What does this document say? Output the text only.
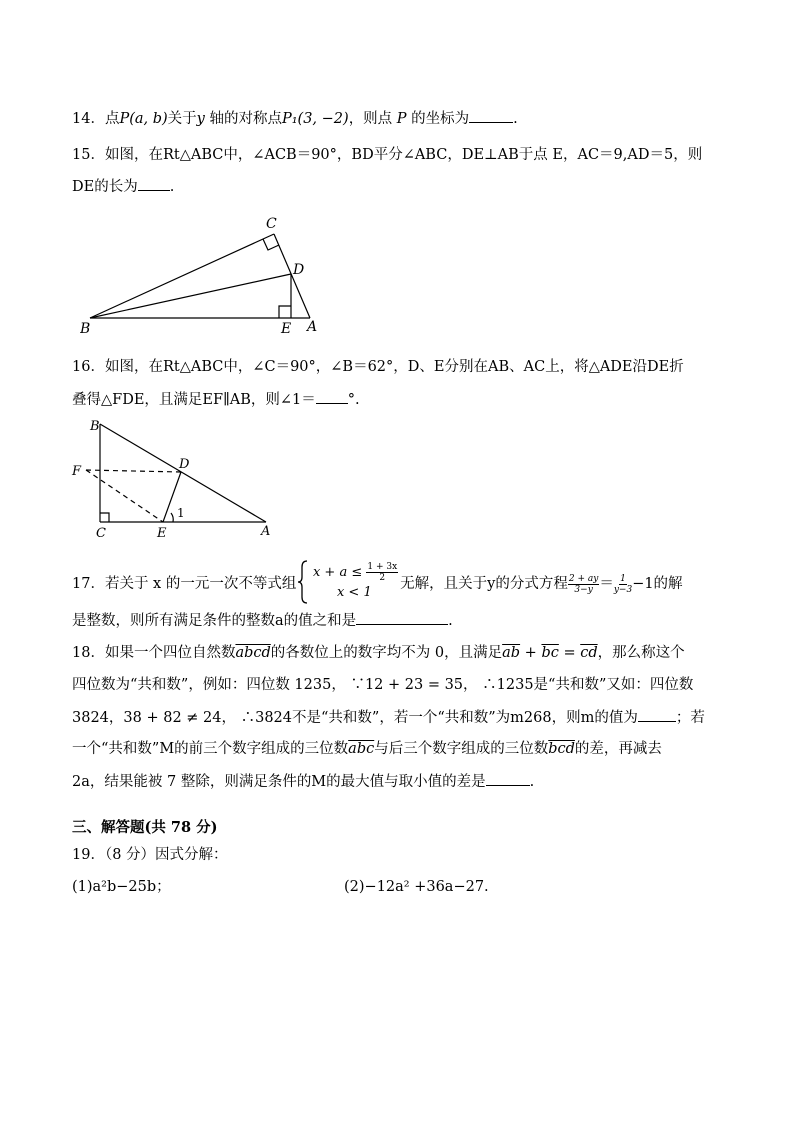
14．点P(a, b)关于y 轴的对称点P₁(3, −2)，则点 P 的坐标为	.
15．如图，在Rt△ABC中，∠ACB＝90°，BD平分∠ABC，DE⊥AB于点 E，AC＝9,AD＝5，则
DE的长为 .
C
D
B	E A
16．如图，在Rt△ABC中，∠C＝90°，∠B＝62°，D、E分别在AB、AC上，将△ADE沿DE折
叠得△FDE，且满足EF∥AB，则∠1＝ °.
B
F	D
C	E	A
1
17．若关于 x 的一元一次不等式组
$x + a \le \frac{1 + 3x}{2}$
x < 1
无解，且关于y的分式方程 $\frac{2 + ay}{3-y} = \frac{1}{y-3} -1$的解
是整数，则所有满足条件的整数a的值之和是	.
18．如果一个四位自然数abcd的各数位上的数字均不为 0，且满足$\overline{ab} + \overline{bc} = \overline{cd}$，那么称这个
四位数为“共和数”，例如：四位数 1235， ∵12 + 23 = 35， ∴1235是“共和数”又如：四位数
3824，38 + 82 ≠ 24， ∴3824不是“共和数”，若一个“共和数”为m268，则m的值为	；若
一个“共和数”M的前三个数字组成的三位数$\overline{abc}$与后三个数字组成的三位数$\overline{bcd}$的差，再减去
2a，结果能被 7 整除，则满足条件的M的最大值与取小值的差是	.
三、解答题(共 78 分)
19．（8 分）因式分解：
(1)a²b−25b；	(2)−12a² +36a−27.
